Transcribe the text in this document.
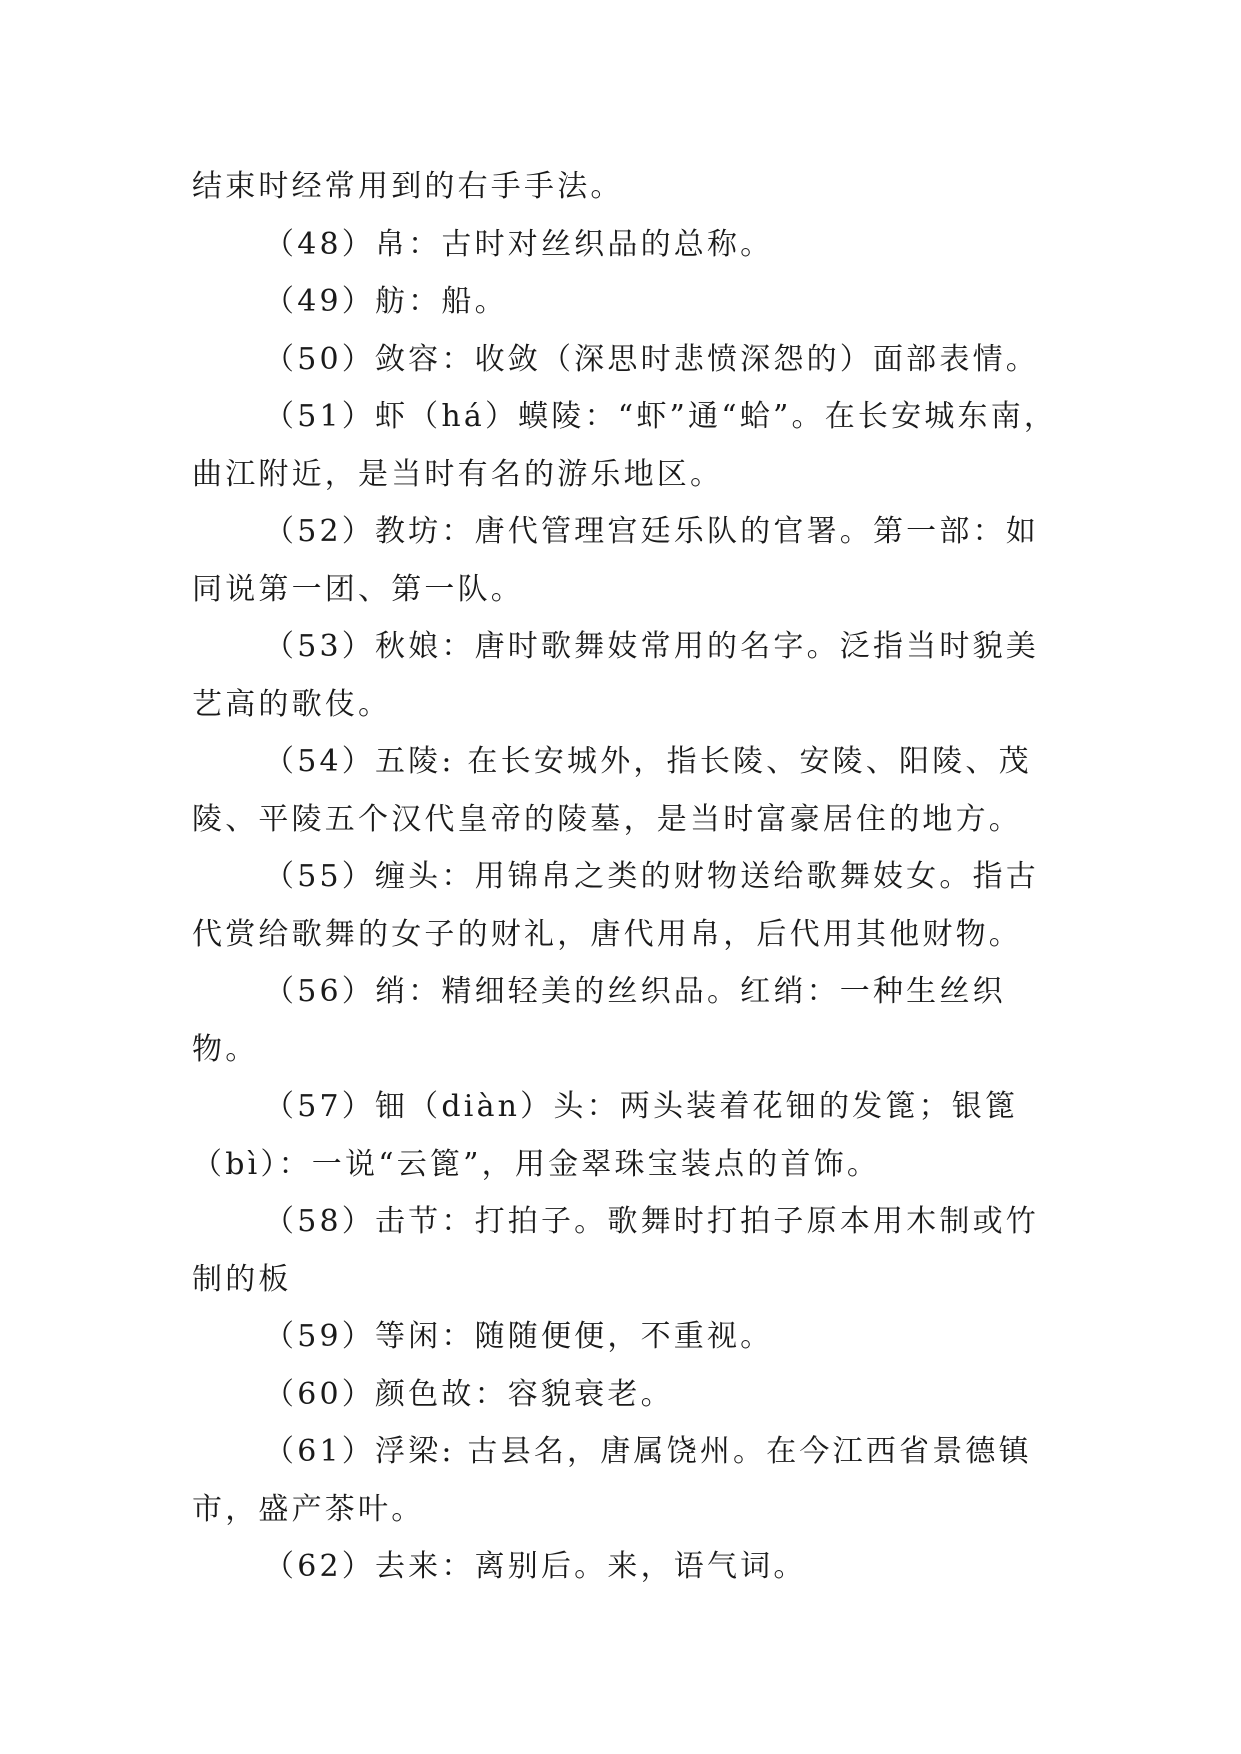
结束时经常用到的右手手法。

（48）帛：古时对丝织品的总称。

（49）舫：船。

（50）敛容：收敛（深思时悲愤深怨的）面部表情。

（51）虾（há）蟆陵：“虾”通“蛤”。在长安城东南，曲江附近，是当时有名的游乐地区。

（52）教坊：唐代管理宫廷乐队的官署。第一部：如同说第一团、第一队。

（53）秋娘：唐时歌舞妓常用的名字。泛指当时貌美艺高的歌伎。

（54）五陵: 在长安城外，指长陵、安陵、阳陵、茂陵、平陵五个汉代皇帝的陵墓，是当时富豪居住的地方。

（55）缠头：用锦帛之类的财物送给歌舞妓女。指古代赏给歌舞的女子的财礼，唐代用帛，后代用其他财物。

（56）绡：精细轻美的丝织品。红绡：一种生丝织物。

（57）钿（diàn）头：两头装着花钿的发篦；银篦（bì）：一说“云篦”，用金翠珠宝装点的首饰。

（58）击节：打拍子。歌舞时打拍子原本用木制或竹制的板

（59）等闲：随随便便，不重视。

（60）颜色故：容貌衰老。

（61）浮梁: 古县名，唐属饶州。在今江西省景德镇市，盛产茶叶。

（62）去来：离别后。来，语气词。
